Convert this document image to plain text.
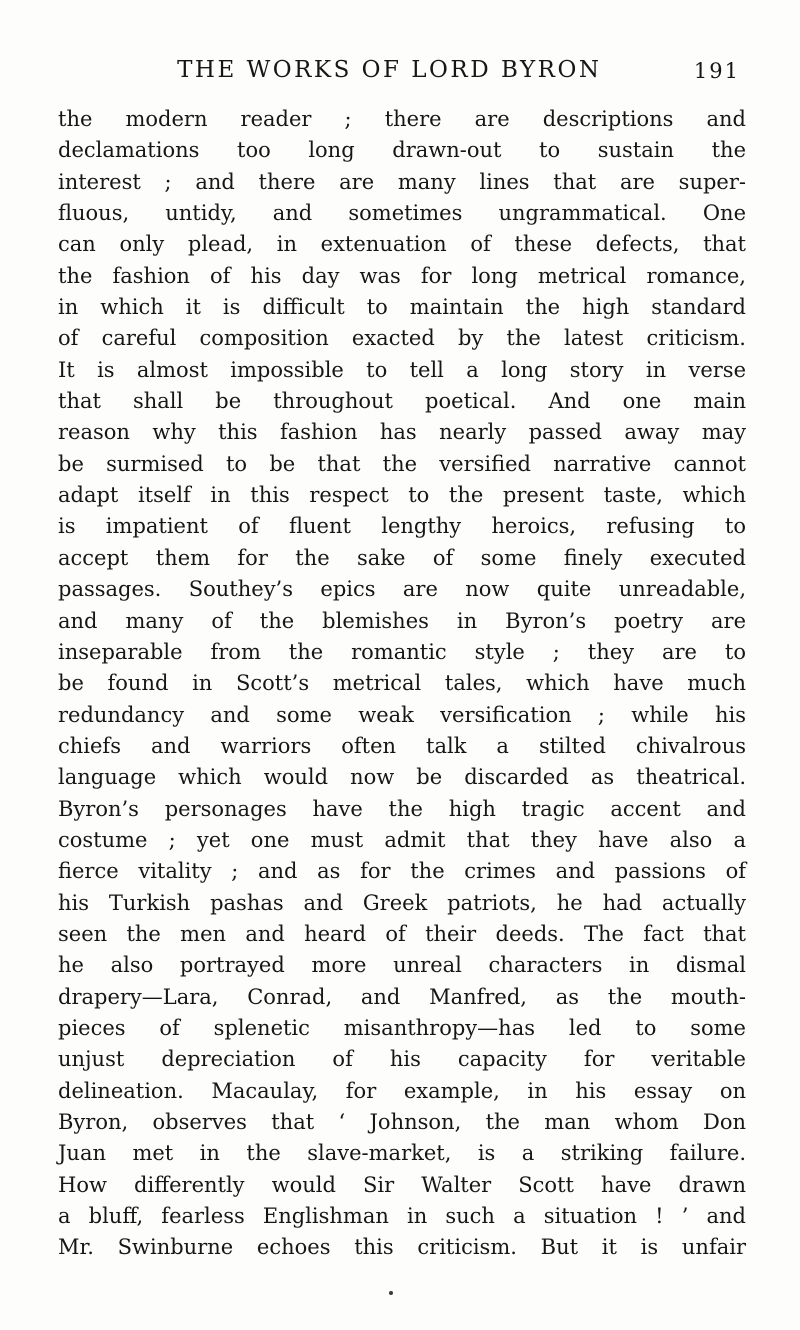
THE WORKS OF LORD BYRON	191
the modern reader ; there are descriptions and
declamations too long drawn-out to sustain the
interest ; and there are many lines that are super-
fluous, untidy, and sometimes ungrammatical. One
can only plead, in extenuation of these defects, that
the fashion of his day was for long metrical romance,
in which it is difficult to maintain the high standard
of careful composition exacted by the latest criticism.
It is almost impossible to tell a long story in verse
that shall be throughout poetical. And one main
reason why this fashion has nearly passed away may
be surmised to be that the versified narrative cannot
adapt itself in this respect to the present taste, which
is impatient of fluent lengthy heroics, refusing to
accept them for the sake of some finely executed
passages. Southey’s epics are now quite unreadable,
and many of the blemishes in Byron’s poetry are
inseparable from the romantic style ; they are to
be found in Scott’s metrical tales, which have much
redundancy and some weak versification ; while his
chiefs and warriors often talk a stilted chivalrous
language which would now be discarded as theatrical.
Byron’s personages have the high tragic accent and
costume ; yet one must admit that they have also a
fierce vitality ; and as for the crimes and passions of
his Turkish pashas and Greek patriots, he had actually
seen the men and heard of their deeds. The fact that
he also portrayed more unreal characters in dismal
drapery—Lara, Conrad, and Manfred, as the mouth-
pieces of splenetic misanthropy—has led to some
unjust depreciation of his capacity for veritable
delineation. Macaulay, for example, in his essay on
Byron, observes that ‘ Johnson, the man whom Don
Juan met in the slave-market, is a striking failure.
How differently would Sir Walter Scott have drawn
a bluff, fearless Englishman in such a situation ! ’ and
Mr. Swinburne echoes this criticism. But it is unfair
